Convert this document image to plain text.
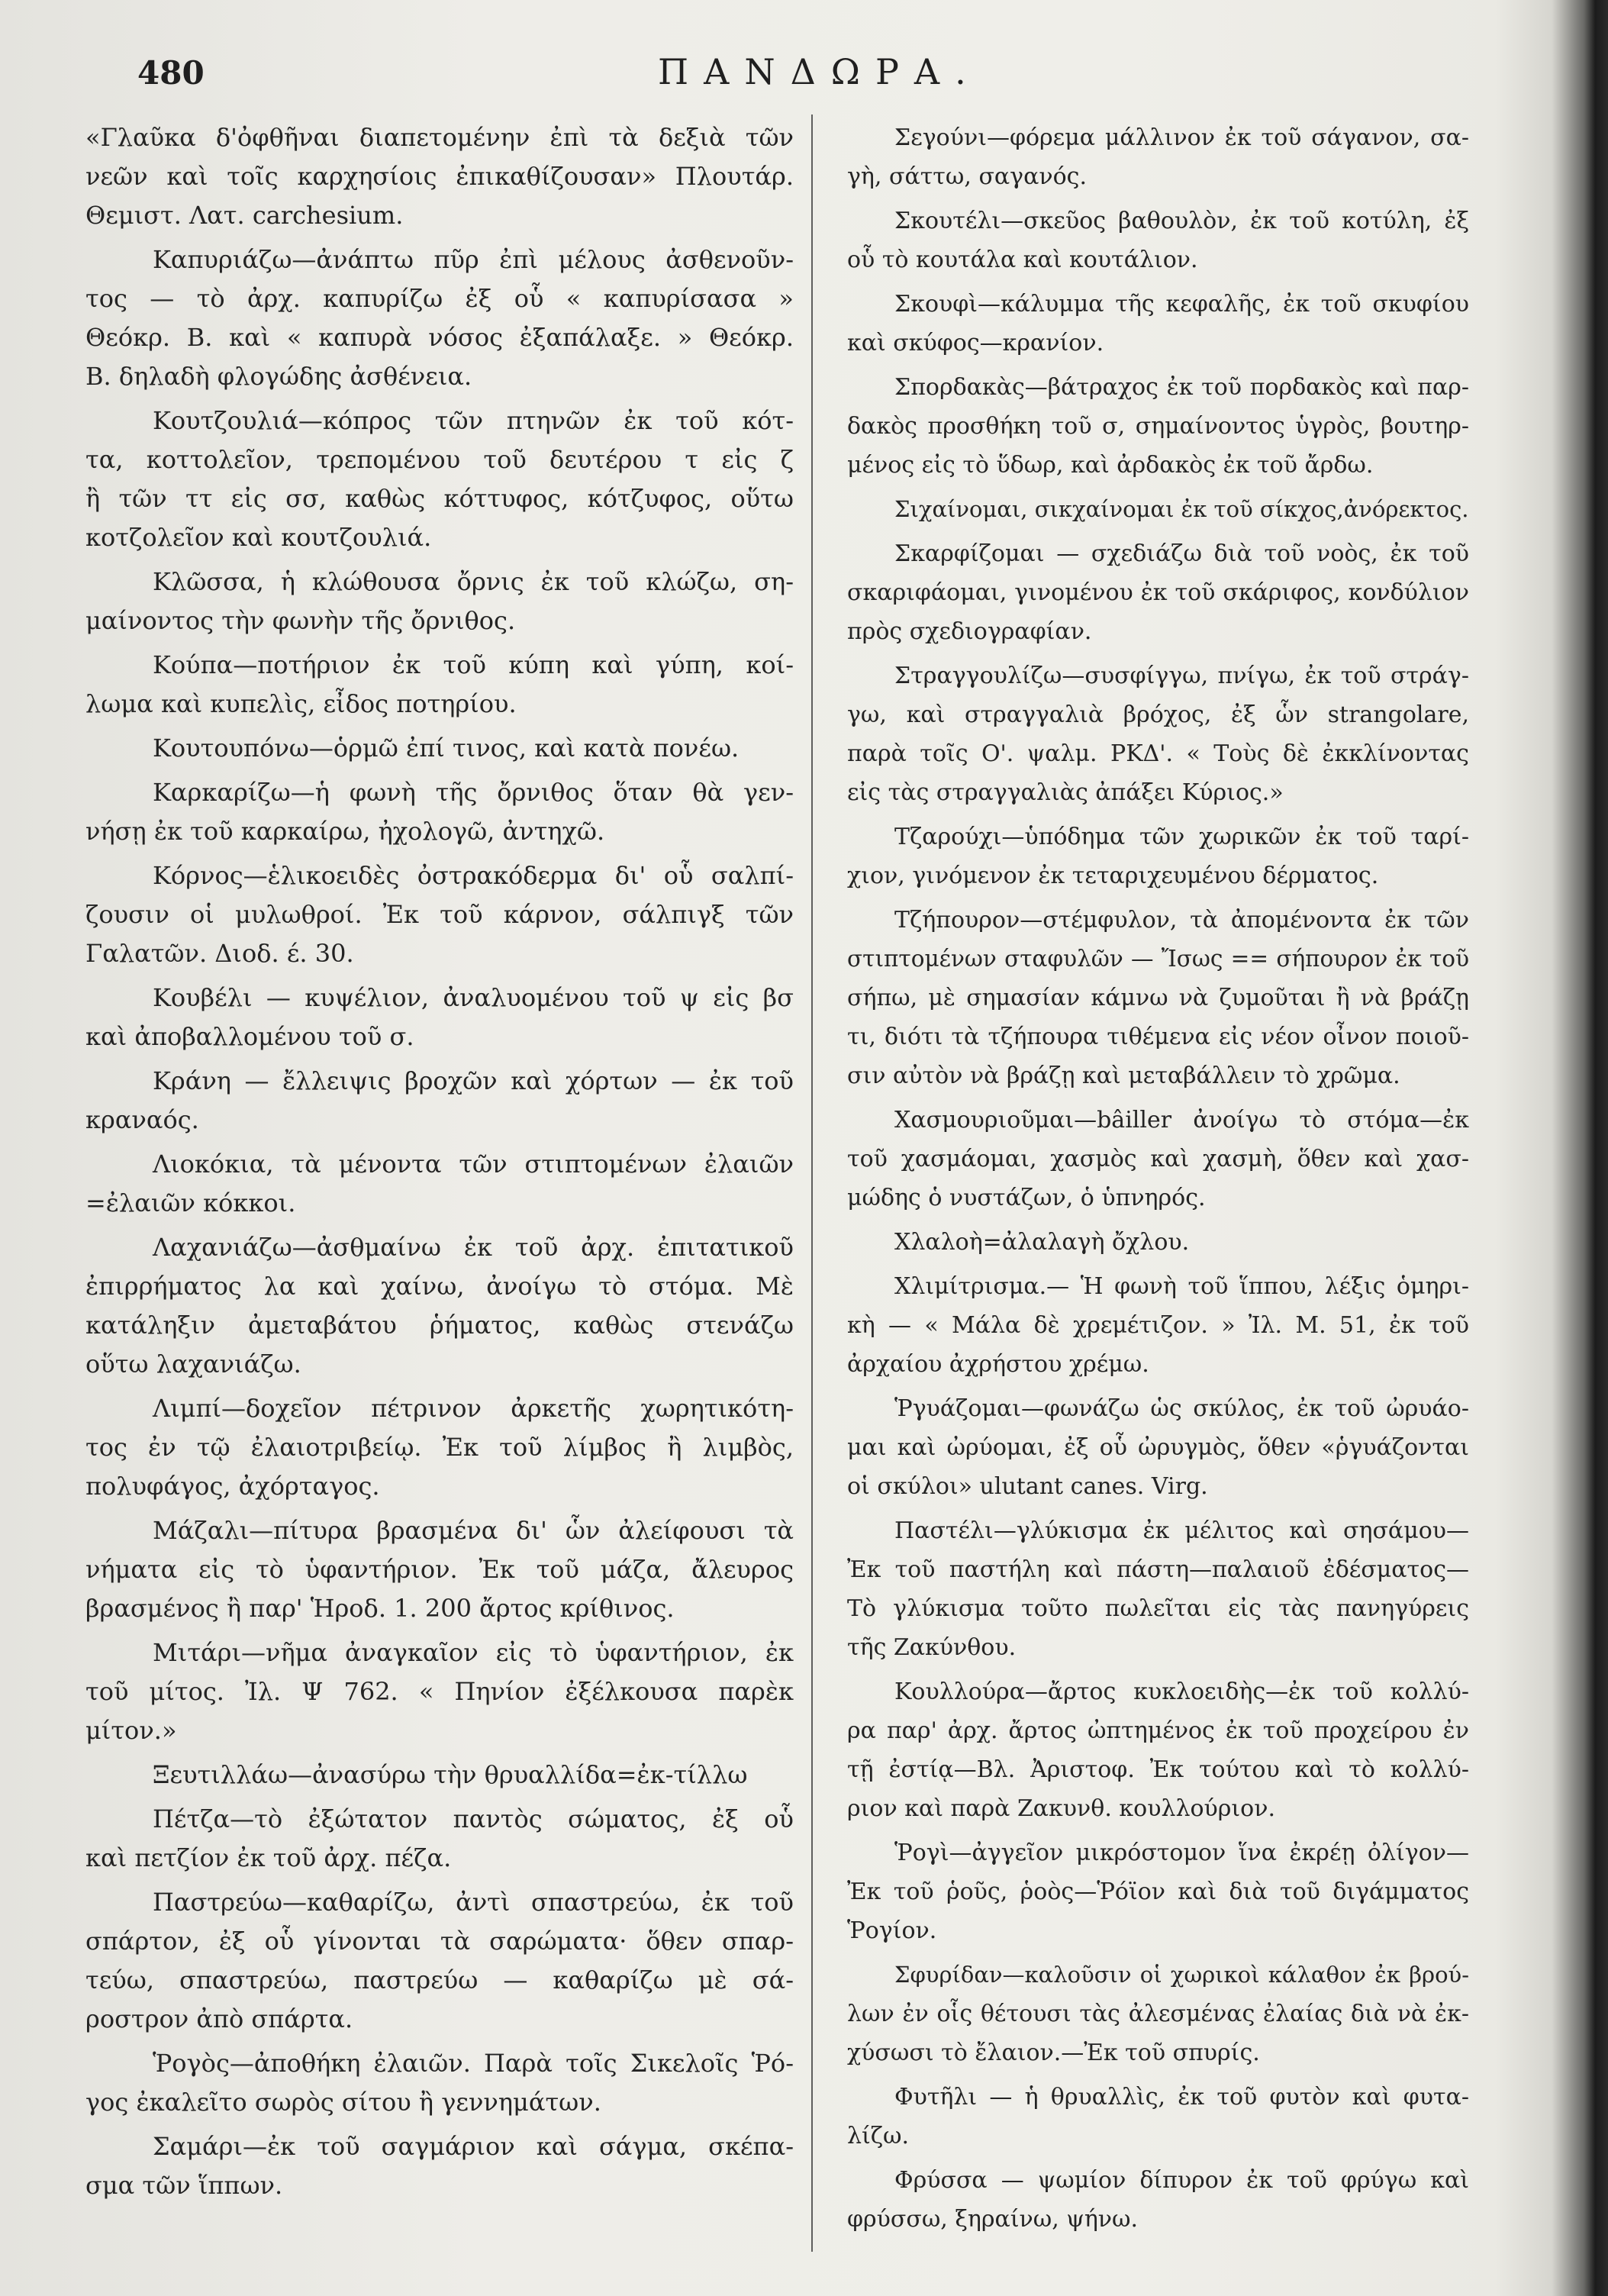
480	ΠΑΝΔΩΡΑ.
«Γλαῦκα δ'ὀφθῆναι διαπετομένην ἐπὶ τὰ δεξιὰ τῶν
νεῶν καὶ τοῖς καρχησίοις ἐπικαθίζουσαν» Πλουτάρ.
Θεμιστ. Λατ. carchesium.
Καπυριάζω—ἀνάπτω πῦρ ἐπὶ μέλους ἀσθενοῦν-
τος — τὸ ἀρχ. καπυρίζω ἐξ οὗ « καπυρίσασα »
Θεόκρ. Β. καὶ « καπυρὰ νόσος ἐξαπάλαξε. » Θεόκρ.
Β. δηλαδὴ φλογώδης ἀσθένεια.
Κουτζουλιά—κόπρος τῶν πτηνῶν ἐκ τοῦ κότ-
τα, κοττολεῖον, τρεπομένου τοῦ δευτέρου τ εἰς ζ
ἢ τῶν ττ εἰς σσ, καθὼς κόττυφος, κότζυφος, οὕτω
κοτζολεῖον καὶ κουτζουλιά.
Κλῶσσα, ἡ κλώθουσα ὄρνις ἐκ τοῦ κλώζω, ση-
μαίνοντος τὴν φωνὴν τῆς ὄρνιθος.
Κούπα—ποτήριον ἐκ τοῦ κύπη καὶ γύπη, κοί-
λωμα καὶ κυπελὶς, εἶδος ποτηρίου.
Κουτουπόνω—ὁρμῶ ἐπί τινος, καὶ κατὰ πονέω.
Καρκαρίζω—ἡ φωνὴ τῆς ὄρνιθος ὅταν θὰ γεν-
νήσῃ ἐκ τοῦ καρκαίρω, ἠχολογῶ, ἀντηχῶ.
Κόρνος—ἑλικοειδὲς ὀστρακόδερμα δι' οὗ σαλπί-
ζουσιν οἱ μυλωθροί. Ἐκ τοῦ κάρνον, σάλπιγξ τῶν
Γαλατῶν. Διοδ. έ. 30.
Κουβέλι — κυψέλιον, ἀναλυομένου τοῦ ψ εἰς βσ
καὶ ἀποβαλλομένου τοῦ σ.
Κράνη — ἔλλειψις βροχῶν καὶ χόρτων — ἐκ τοῦ
κραναός.
Λιοκόκια, τὰ μένοντα τῶν στιπτομένων ἐλαιῶν
=ἐλαιῶν κόκκοι.
Λαχανιάζω—ἀσθμαίνω ἐκ τοῦ ἀρχ. ἐπιτατικοῦ
ἐπιρρήματος λα καὶ χαίνω, ἀνοίγω τὸ στόμα. Μὲ
κατάληξιν ἀμεταβάτου ῥήματος, καθὼς στενάζω
οὕτω λαχανιάζω.
Λιμπί—δοχεῖον πέτρινον ἀρκετῆς χωρητικότη-
τος ἐν τῷ ἐλαιοτριβείῳ. Ἐκ τοῦ λίμβος ἢ λιμβὸς,
πολυφάγος, ἀχόρταγος.
Μάζαλι—πίτυρα βρασμένα δι' ὧν ἀλείφουσι τὰ
νήματα εἰς τὸ ὑφαντήριον. Ἐκ τοῦ μάζα, ἄλευρος
βρασμένος ἢ παρ' Ἡροδ. 1. 200 ἄρτος κρίθινος.
Μιτάρι—νῆμα ἀναγκαῖον εἰς τὸ ὑφαντήριον, ἐκ
τοῦ μίτος. Ἰλ. Ψ 762. « Πηνίον ἐξέλκουσα παρὲκ
μίτον.»
Ξευτιλλάω—ἀνασύρω τὴν θρυαλλίδα=ἐκ-τίλλω
Πέτζα—τὸ ἐξώτατον παντὸς σώματος, ἐξ οὗ
καὶ πετζίον ἐκ τοῦ ἀρχ. πέζα.
Παστρεύω—καθαρίζω, ἀντὶ σπαστρεύω, ἐκ τοῦ
σπάρτον, ἐξ οὗ γίνονται τὰ σαρώματα· ὅθεν σπαρ-
τεύω, σπαστρεύω, παστρεύω — καθαρίζω μὲ σά-
ροστρον ἀπὸ σπάρτα.
Ῥογὸς—ἀποθήκη ἐλαιῶν. Παρὰ τοῖς Σικελοῖς Ῥό-
γος ἐκαλεῖτο σωρὸς σίτου ἢ γεννημάτων.
Σαμάρι—ἐκ τοῦ σαγμάριον καὶ σάγμα, σκέπα-
σμα τῶν ἵππων.
Σεγούνι—φόρεμα μάλλινον ἐκ τοῦ σάγανον, σα-
γὴ, σάττω, σαγανός.
Σκουτέλι—σκεῦος βαθουλὸν, ἐκ τοῦ κοτύλη, ἐξ
οὗ τὸ κουτάλα καὶ κουτάλιον.
Σκουφὶ—κάλυμμα τῆς κεφαλῆς, ἐκ τοῦ σκυφίου
καὶ σκύφος—κρανίον.
Σπορδακὰς—βάτραχος ἐκ τοῦ πορδακὸς καὶ παρ-
δακὸς προσθήκη τοῦ σ, σημαίνοντος ὑγρὸς, βουτηρ-
μένος εἰς τὸ ὕδωρ, καὶ ἀρδακὸς ἐκ τοῦ ἄρδω.
Σιχαίνομαι, σικχαίνομαι ἐκ τοῦ σίκχος,ἀνόρεκτος.
Σκαρφίζομαι — σχεδιάζω διὰ τοῦ νοὸς, ἐκ τοῦ
σκαριφάομαι, γινομένου ἐκ τοῦ σκάριφος, κονδύλιον
πρὸς σχεδιογραφίαν.
Στραγγουλίζω—συσφίγγω, πνίγω, ἐκ τοῦ στράγ-
γω, καὶ στραγγαλιὰ βρόχος, ἐξ ὧν strangolare,
παρὰ τοῖς Ο'. ψαλμ. ΡΚΔ'. « Τοὺς δὲ ἐκκλίνοντας
εἰς τὰς στραγγαλιὰς ἀπάξει Κύριος.»
Τζαρούχι—ὑπόδημα τῶν χωρικῶν ἐκ τοῦ ταρί-
χιον, γινόμενον ἐκ τεταριχευμένου δέρματος.
Τζήπουρον—στέμφυλον, τὰ ἀπομένοντα ἐκ τῶν
στιπτομένων σταφυλῶν — Ἴσως == σήπουρον ἐκ τοῦ
σήπω, μὲ σημασίαν κάμνω νὰ ζυμοῦται ἢ νὰ βράζῃ
τι, διότι τὰ τζήπουρα τιθέμενα εἰς νέον οἶνον ποιοῦ-
σιν αὐτὸν νὰ βράζῃ καὶ μεταβάλλειν τὸ χρῶμα.
Χασμουριοῦμαι—bâiller ἀνοίγω τὸ στόμα—ἐκ
τοῦ χασμάομαι, χασμὸς καὶ χασμὴ, ὅθεν καὶ χασ-
μώδης ὁ νυστάζων, ὁ ὑπνηρός.
Χλαλοὴ=ἀλαλαγὴ ὄχλου.
Χλιμίτρισμα.— Ἡ φωνὴ τοῦ ἵππου, λέξις ὁμηρι-
κὴ — « Μάλα δὲ χρεμέτιζον. » Ἰλ. Μ. 51, ἐκ τοῦ
ἀρχαίου ἀχρήστου χρέμω.
Ῥγυάζομαι—φωνάζω ὡς σκύλος, ἐκ τοῦ ὠρυάο-
μαι καὶ ὠρύομαι, ἐξ οὗ ὠρυγμὸς, ὅθεν «ῥγυάζονται
οἱ σκύλοι» ulutant canes. Virg.
Παστέλι—γλύκισμα ἐκ μέλιτος καὶ σησάμου—
Ἐκ τοῦ παστήλη καὶ πάστη—παλαιοῦ ἐδέσματος—
Τὸ γλύκισμα τοῦτο πωλεῖται εἰς τὰς πανηγύρεις
τῆς Ζακύνθου.
Κουλλούρα—ἄρτος κυκλοειδὴς—ἐκ τοῦ κολλύ-
ρα παρ' ἀρχ. ἄρτος ὠπτημένος ἐκ τοῦ προχείρου ἐν
τῇ ἐστίᾳ—Βλ. Ἀριστοφ. Ἐκ τούτου καὶ τὸ κολλύ-
ριον καὶ παρὰ Ζακυνθ. κουλλούριον.
Ῥογὶ—ἀγγεῖον μικρόστομον ἵνα ἐκρέῃ ὀλίγον—
Ἐκ τοῦ ῥοῦς, ῥοὸς—Ῥόϊον καὶ διὰ τοῦ διγάμματος
Ῥογίον.
Σφυρίδαν—καλοῦσιν οἱ χωρικοὶ κάλαθον ἐκ βρού-
λων ἐν οἷς θέτουσι τὰς ἀλεσμένας ἐλαίας διὰ νὰ ἐκ-
χύσωσι τὸ ἔλαιον.—Ἐκ τοῦ σπυρίς.
Φυτῆλι — ἡ θρυαλλὶς, ἐκ τοῦ φυτὸν καὶ φυτα-
λίζω.
Φρύσσα — ψωμίον δίπυρον ἐκ τοῦ φρύγω καὶ
φρύσσω, ξηραίνω, ψήνω.
